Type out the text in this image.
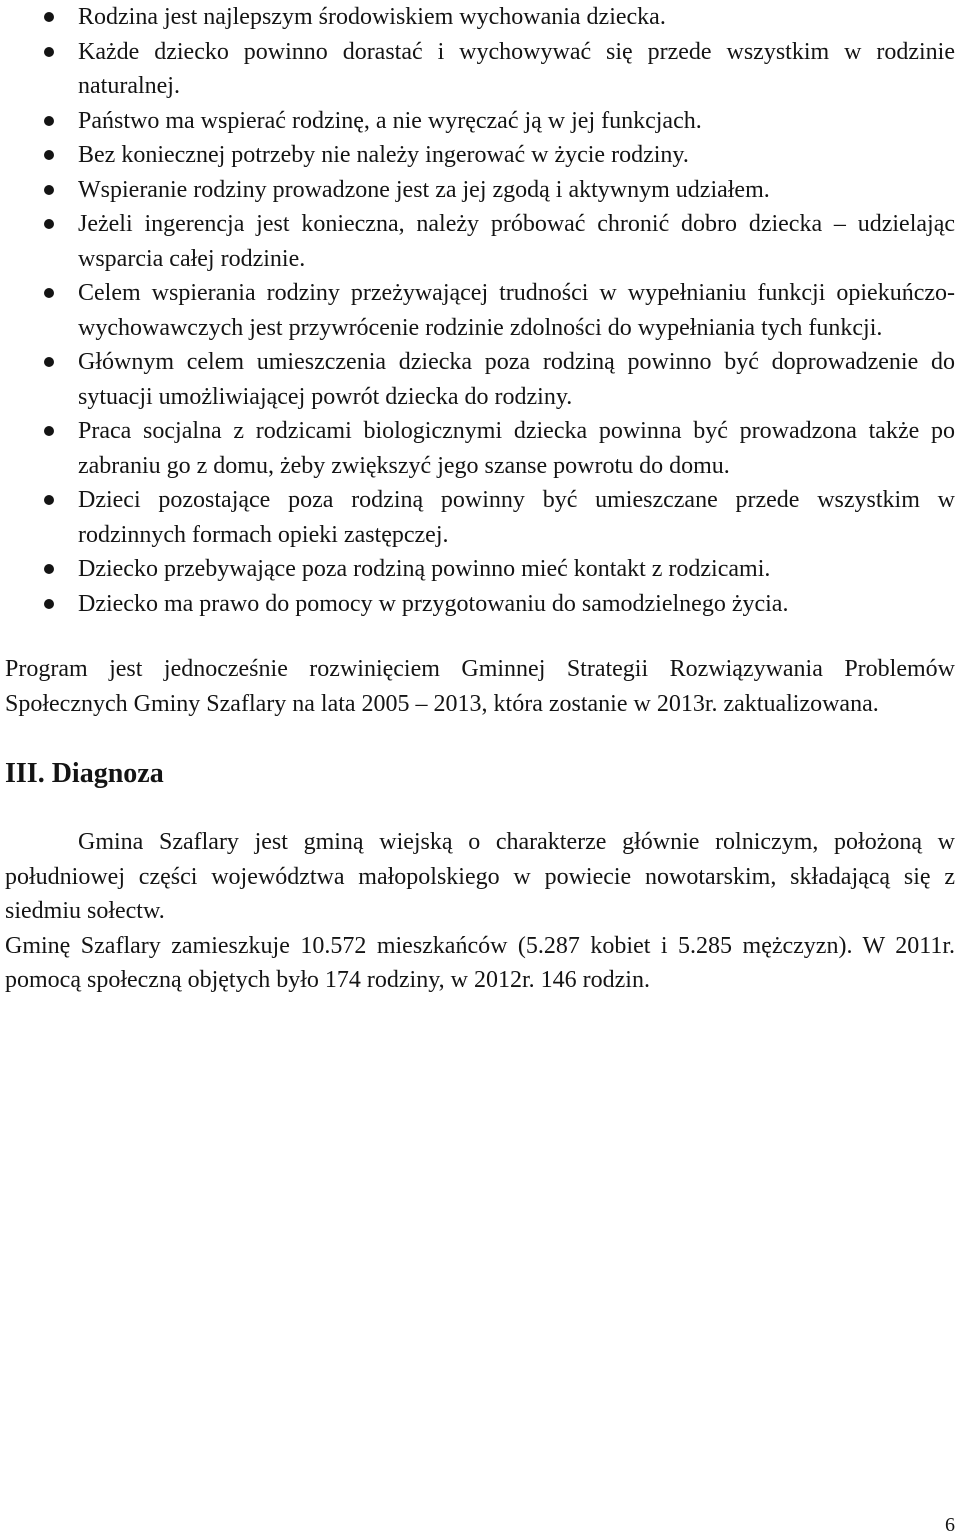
Rodzina jest najlepszym środowiskiem wychowania dziecka.
Każde dziecko powinno dorastać i wychowywać się przede wszystkim w rodzinie naturalnej.
Państwo ma wspierać rodzinę, a nie wyręczać ją w jej funkcjach.
Bez koniecznej potrzeby nie należy ingerować w życie rodziny.
Wspieranie rodziny prowadzone jest za jej zgodą i aktywnym udziałem.
Jeżeli ingerencja jest konieczna, należy próbować chronić dobro dziecka – udzielając wsparcia całej rodzinie.
Celem wspierania rodziny przeżywającej trudności w wypełnianiu funkcji opiekuńczo-wychowawczych jest przywrócenie rodzinie zdolności do wypełniania tych funkcji.
Głównym celem umieszczenia dziecka poza rodziną powinno być doprowadzenie do sytuacji umożliwiającej powrót dziecka do rodziny.
Praca socjalna z rodzicami biologicznymi dziecka powinna być prowadzona także po zabraniu go z domu, żeby zwiększyć jego szanse powrotu do domu.
Dzieci pozostające poza rodziną powinny być umieszczane przede wszystkim w rodzinnych formach opieki zastępczej.
Dziecko przebywające poza rodziną powinno mieć kontakt z rodzicami.
Dziecko ma prawo do pomocy w przygotowaniu do samodzielnego życia.

Program jest jednocześnie rozwinięciem Gminnej Strategii Rozwiązywania Problemów Społecznych Gminy Szaflary na lata 2005 – 2013, która zostanie w 2013r. zaktualizowana.

III. Diagnoza

Gmina Szaflary jest gminą wiejską o charakterze głównie rolniczym, położoną w południowej części województwa małopolskiego w powiecie nowotarskim, składającą się z siedmiu sołectw.

Gminę Szaflary zamieszkuje 10.572 mieszkańców (5.287 kobiet i 5.285 mężczyzn). W 2011r. pomocą społeczną objętych było 174 rodziny, w 2012r. 146 rodzin.

6
